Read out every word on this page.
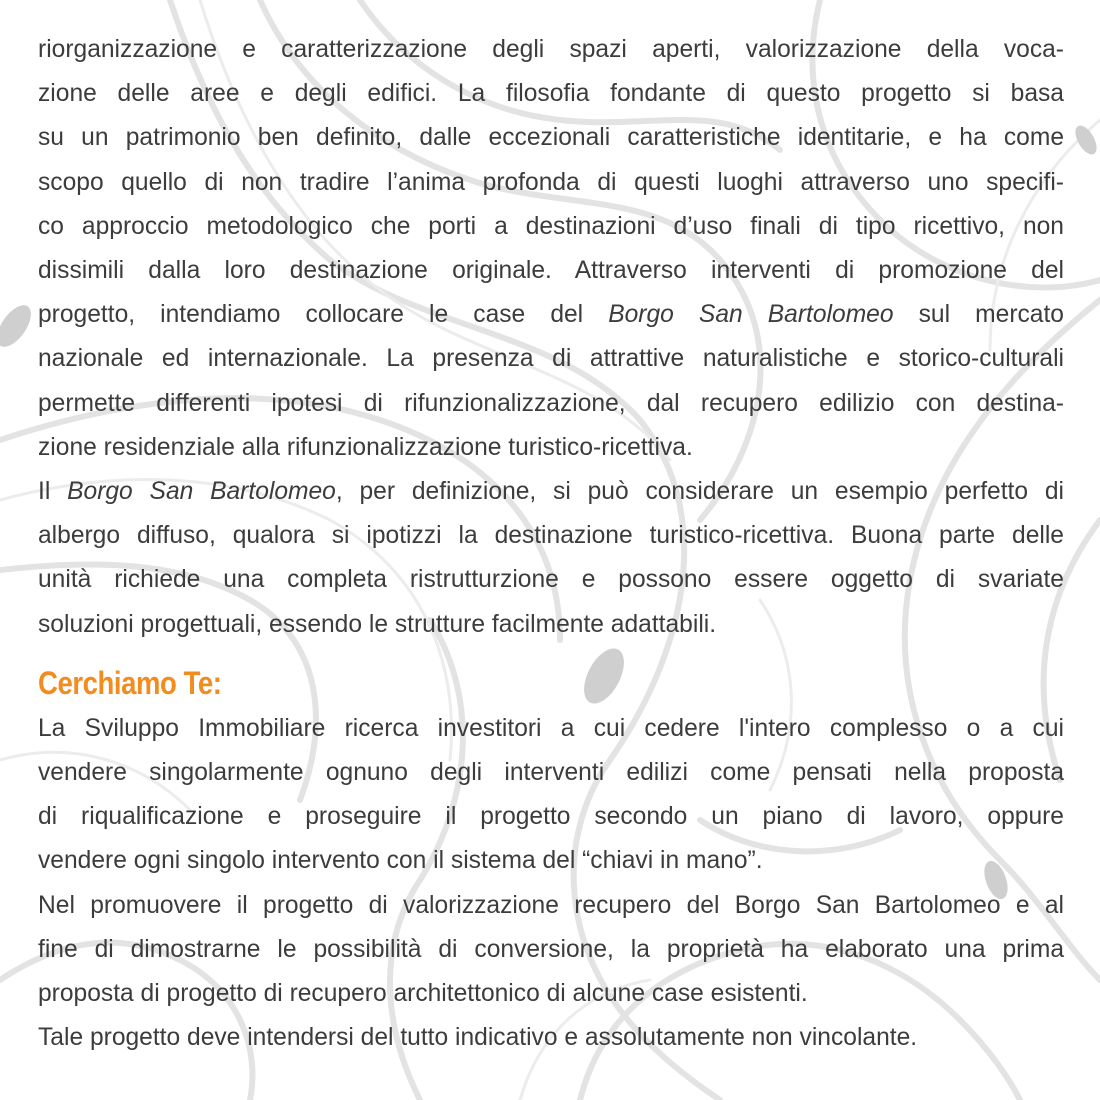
riorganizzazione e caratterizzazione degli spazi aperti, valorizzazione della voca-
zione delle aree e degli edifici. La filosofia fondante di questo progetto si basa
su un patrimonio ben definito, dalle eccezionali caratteristiche identitarie, e ha come
scopo quello di non tradire l’anima profonda di questi luoghi attraverso uno specifi-
co approccio metodologico che porti a destinazioni d’uso finali di tipo ricettivo, non
dissimili dalla loro destinazione originale. Attraverso interventi di promozione del
progetto, intendiamo collocare le case del Borgo San Bartolomeo sul mercato
nazionale ed internazionale. La presenza di attrattive naturalistiche e storico-culturali
permette differenti ipotesi di rifunzionalizzazione, dal recupero edilizio con destina-
zione residenziale alla rifunzionalizzazione turistico-ricettiva.

Il Borgo San Bartolomeo, per definizione, si può considerare un esempio perfetto di
albergo diffuso, qualora si ipotizzi la destinazione turistico-ricettiva. Buona parte delle
unità richiede una completa ristrutturzione e possono essere oggetto di svariate
soluzioni progettuali, essendo le strutture facilmente adattabili.

Cerchiamo Te:

La Sviluppo Immobiliare ricerca investitori a cui cedere l'intero complesso o a cui
vendere singolarmente ognuno degli interventi edilizi come pensati nella proposta
di riqualificazione e proseguire il progetto secondo un piano di lavoro, oppure
vendere ogni singolo intervento con il sistema del “chiavi in mano”.

Nel promuovere il progetto di valorizzazione recupero del Borgo San Bartolomeo e al
fine di dimostrarne le possibilità di conversione, la proprietà ha elaborato una prima
proposta di progetto di recupero architettonico di alcune case esistenti.

Tale progetto deve intendersi del tutto indicativo e assolutamente non vincolante.
